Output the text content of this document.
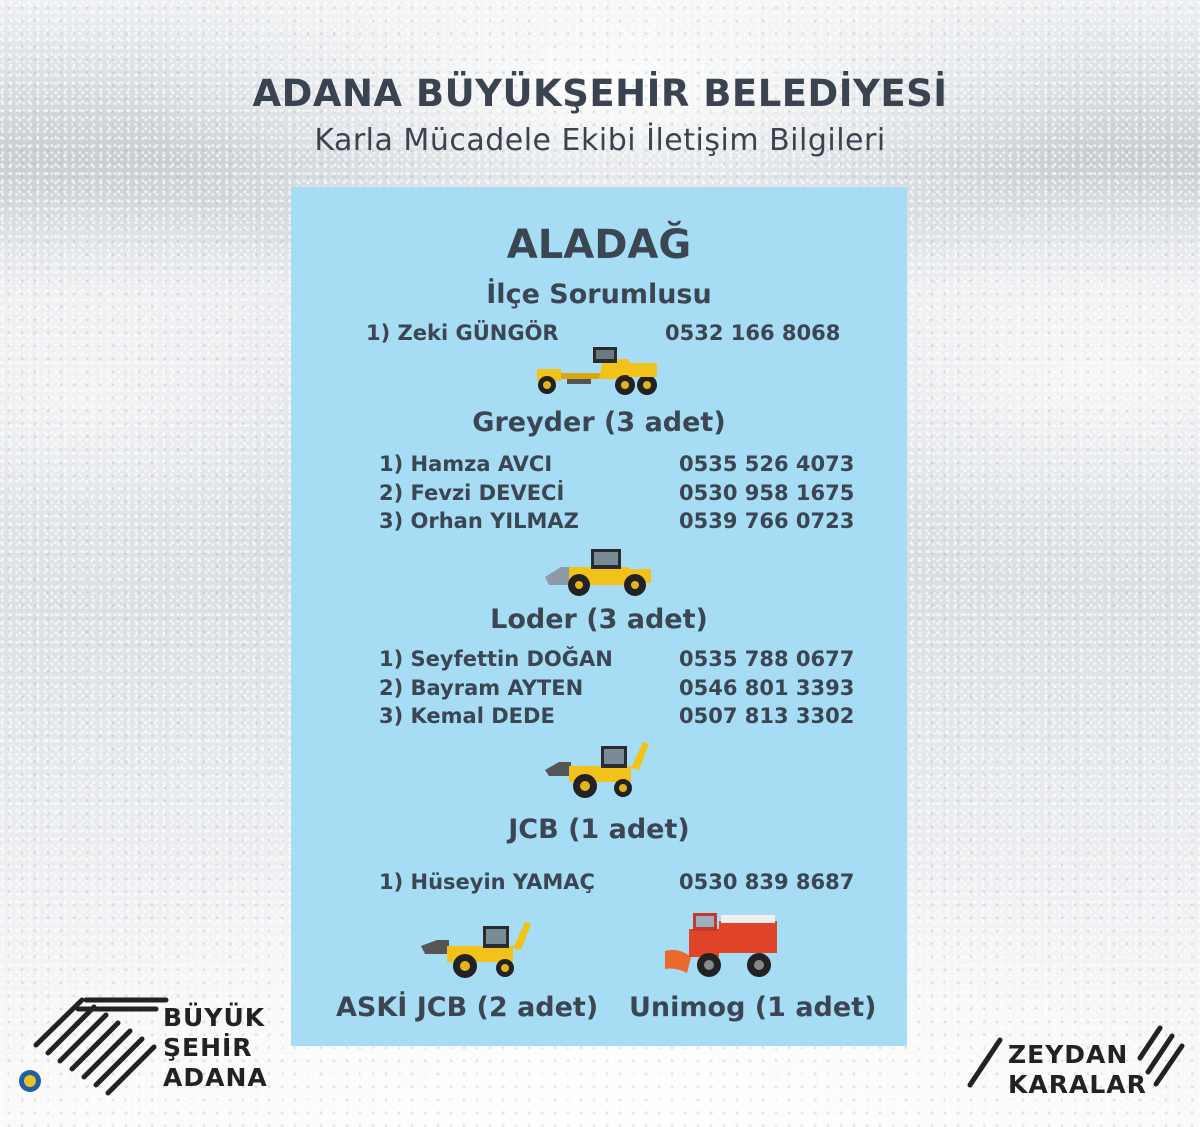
ADANA BÜYÜKŞEHİR BELEDİYESİ
Karla Mücadele Ekibi İletişim Bilgileri
ALADAĞ
İlçe Sorumlusu
1) Zeki GÜNGÖR	0532 166 8068
Greyder (3 adet)
1) Hamza AVCI	0535 526 4073
2) Fevzi DEVECİ	0530 958 1675
3) Orhan YILMAZ	0539 766 0723
Loder (3 adet)
1) Seyfettin DOĞAN	0535 788 0677
2) Bayram AYTEN	0546 801 3393
3) Kemal DEDE	0507 813 3302
JCB (1 adet)
1) Hüseyin YAMAÇ	0530 839 8687
ASKİ JCB (2 adet) Unimog (1 adet)
BÜYÜK
ŞEHİR
ADANA
ZEYDAN
KARALAR
